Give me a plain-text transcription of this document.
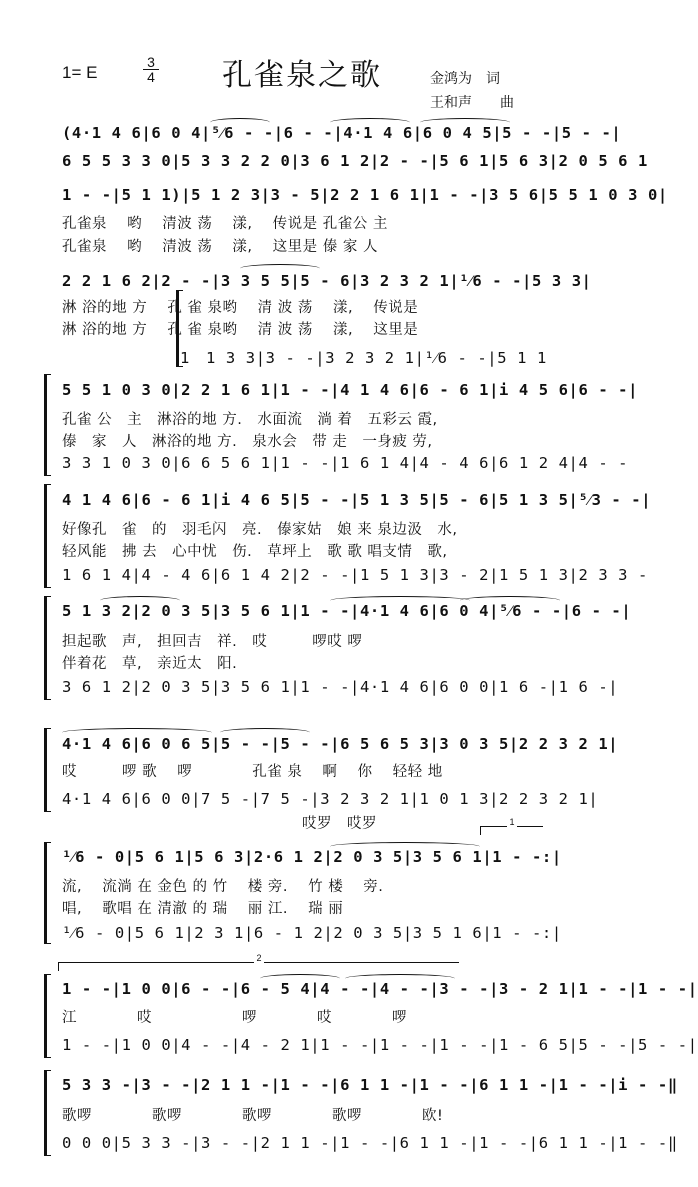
1= E
3
4 孔雀泉之歌	金鸿为　词
王和声　　曲
(4·1 4 6|6 0 4|⁵⁄6 - -|6 - -|4·1 4 6|6 0 4 5|5 - -|5 - -|
6 5 5 3 3 0|5 3 3 2 2 0|3 6 1 2|2 - -|5 6 1|5 6 3|2 0 5 6 1
1 - -|5 1 1)|5 1 2 3|3 - 5|2 2 1 6 1|1 - -|3 5 6|5 5 1 0 3 0|
孔雀泉　 哟　 清波 荡　 漾,　 传说是 孔雀公 主
孔雀泉　 哟　 清波 荡　 漾,　 这里是 傣 家 人
2 2 1 6 2|2 - -|3 3 5 5|5 - 6|3 2 3 2 1|¹⁄6 - -|5 3 3|
淋 浴的地 方　 孔 雀 泉哟　 清 波 荡　 漾,　 传说是
淋 浴的地 方　 孔 雀 泉哟　 清 波 荡　 漾,　 这里是
1　1 3 3|3 - -|3 2 3 2 1|¹⁄6 - -|5 1 1
5 5 1 0 3 0|2 2 1 6 1|1 - -|4 1 4 6|6 - 6 1|i 4 5 6|6 - -|
孔雀 公　主　淋浴的地 方.　水面流　淌 着　五彩云 霞,
傣　家　人　淋浴的地 方.　泉水会　带 走　一身疲 劳,
3 3 1 0 3 0|6 6 5 6 1|1 - -|1 6 1 4|4 - 4 6|6 1 2 4|4 - -
4 1 4 6|6 - 6 1|i 4 6 5|5 - -|5 1 3 5|5 - 6|5 1 3 5|⁵⁄3 - -|
好像孔　雀　的　羽毛闪　亮.　傣家姑　娘 来 泉边汲　水,
轻风能　拂 去　心中忧　伤.　草坪上　歌 歌 唱支情　歌,
1 6 1 4|4 - 4 6|6 1 4 2|2 - -|1 5 1 3|3 - 2|1 5 1 3|2 3 3 -
5 1 3 2|2 0 3 5|3 5 6 1|1 - -|4·1 4 6|6 0 4|⁵⁄6 - -|6 - -|
担起歌　声,　担回吉　祥.　哎　　　啰哎 啰
伴着花　草,　亲近太　阳.
3 6 1 2|2 0 3 5|3 5 6 1|1 - -|4·1 4 6|6 0 0|1 6 -|1 6 -|
4·1 4 6|6 0 6 5|5 - -|5 - -|6 5 6 5 3|3 0 3 5|2 2 3 2 1|
哎　　　啰 歌　 啰　　　　孔雀 泉　 啊　 你　 轻轻 地
4·1 4 6|6 0 0|7 5 -|7 5 -|3 2 3 2 1|1 0 1 3|2 2 3 2 1|
　　　　　　　　　　　　　　　　哎罗　哎罗
¹⁄6 - 0|5 6 1|5 6 3|2·6 1 2|2 0 3 5|3 5 6 1|1 - -:|
流,　 流淌 在 金色 的 竹　 楼 旁.　 竹 楼　 旁.
唱,　 歌唱 在 清澈 的 瑞　 丽 江.　 瑞 丽
¹⁄6 - 0|5 6 1|2 3 1|6 - 1 2|2 0 3 5|3 5 1 6|1 - -:|
1 - -|1 0 0|6 - -|6 - 5 4|4 - -|4 - -|3 - -|3 - 2 1|1 - -|1 - -|
江　　　　哎　　　　　　啰　　　　哎　　　　啰
1 - -|1 0 0|4 - -|4 - 2 1|1 - -|1 - -|1 - -|1 - 6 5|5 - -|5 - -|
5 3 3 -|3 - -|2 1 1 -|1 - -|6 1 1 -|1 - -|6 1 1 -|1 - -|i - -‖
歌啰　　　　歌啰　　　　歌啰　　　　歌啰　　　　欧!
0 0 0|5 3 3 -|3 - -|2 1 1 -|1 - -|6 1 1 -|1 - -|6 1 1 -|1 - -‖
1
2
